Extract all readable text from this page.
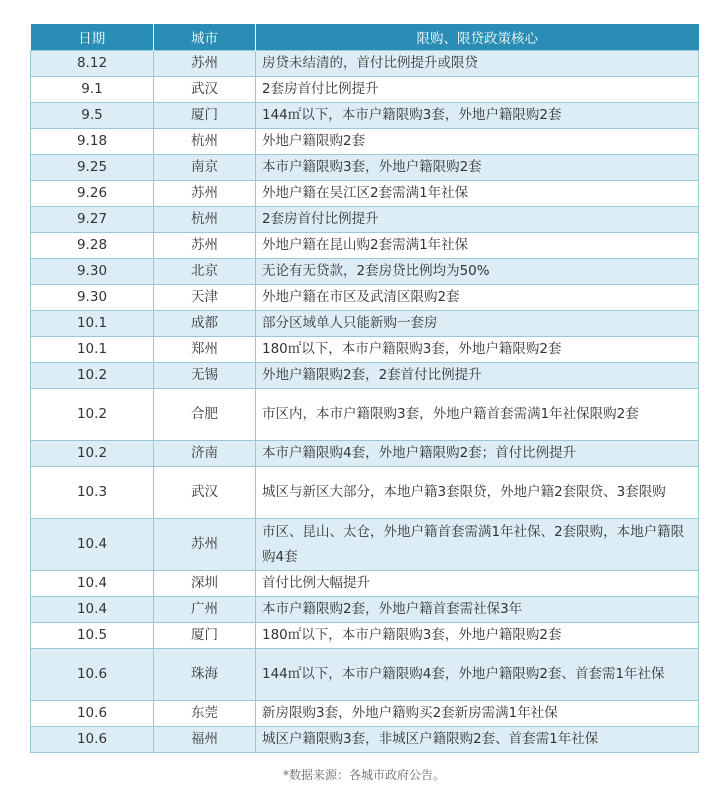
日期	城市	限购、限贷政策核心
8.12	苏州	房贷未结清的，首付比例提升或限贷
9.1	武汉	2套房首付比例提升
9.5	厦门	144㎡以下，本市户籍限购3套，外地户籍限购2套
9.18	杭州	外地户籍限购2套
9.25	南京	本市户籍限购3套，外地户籍限购2套
9.26	苏州	外地户籍在吴江区2套需满1年社保
9.27	杭州	2套房首付比例提升
9.28	苏州	外地户籍在昆山购2套需满1年社保
9.30	北京	无论有无贷款，2套房贷比例均为50%
9.30	天津	外地户籍在市区及武清区限购2套
10.1	成都	部分区域单人只能新购一套房
10.1	郑州	180㎡以下，本市户籍限购3套，外地户籍限购2套
10.2	无锡	外地户籍限购2套，2套首付比例提升
10.2	合肥	市区内，本市户籍限购3套，外地户籍首套需满1年社保限购2套
10.2	济南	本市户籍限购4套，外地户籍限购2套；首付比例提升
10.3	武汉	城区与新区大部分，本地户籍3套限贷，外地户籍2套限贷、3套限购
10.4	苏州	市区、昆山、太仓，外地户籍首套需满1年社保、2套限购，本地户籍限购4套
10.4	深圳	首付比例大幅提升
10.4	广州	本市户籍限购2套，外地户籍首套需社保3年
10.5	厦门	180㎡以下，本市户籍限购3套，外地户籍限购2套
10.6	珠海	144㎡以下，本市户籍限购4套，外地户籍限购2套、首套需1年社保
10.6	东莞	新房限购3套，外地户籍购买2套新房需满1年社保
10.6	福州	城区户籍限购3套，非城区户籍限购2套、首套需1年社保
*数据来源：各城市政府公告。
